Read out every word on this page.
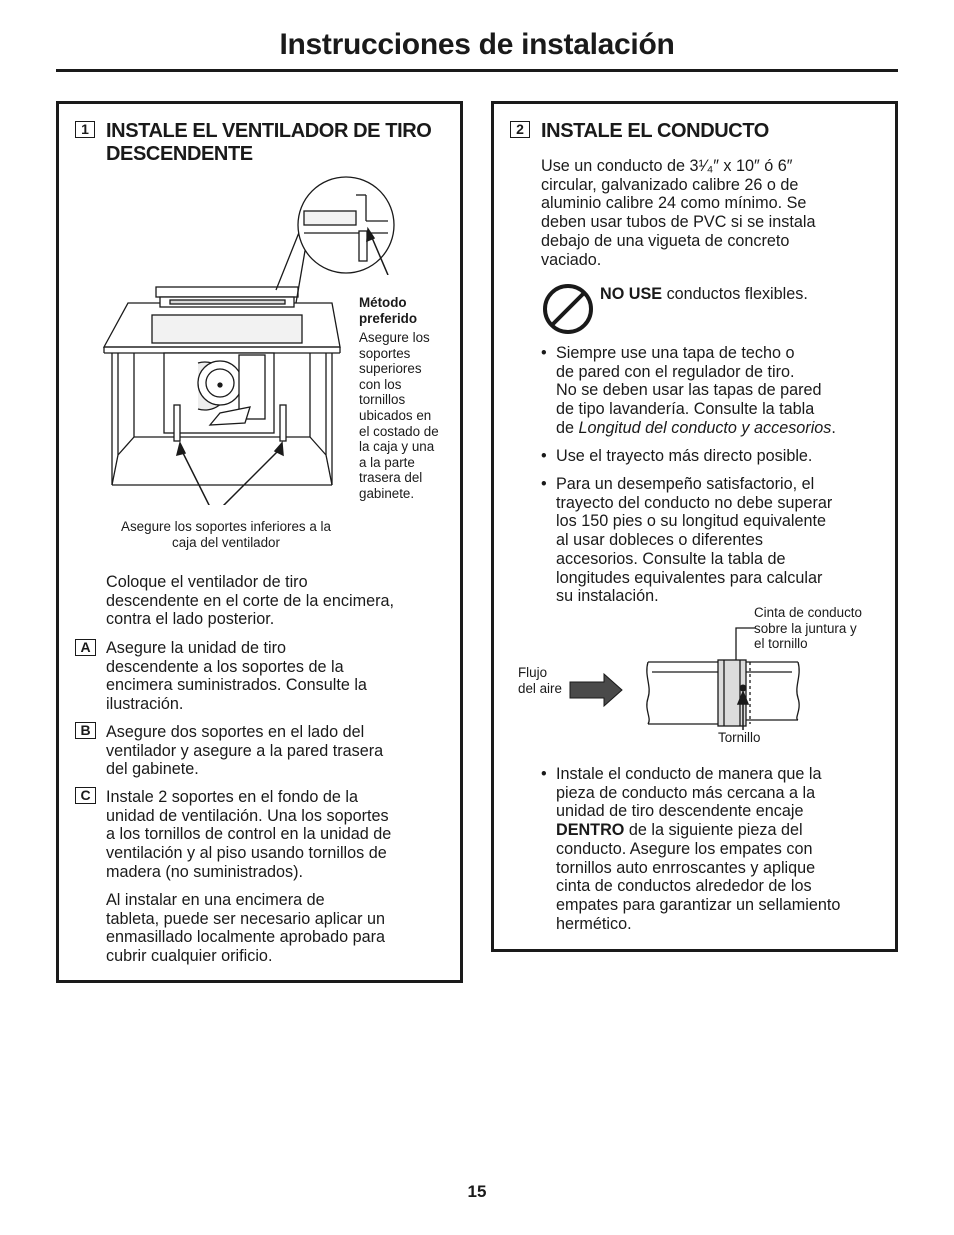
Instrucciones de instalación
1 INSTALE EL VENTILADOR DE TIRO
DESCENDENTE
Método
preferido
Asegure los
soportes
superiores
con los
tornillos
ubicados en
el costado de
la caja y una
a la parte
trasera del
gabinete.
Asegure los soportes inferiores a la
caja del ventilador
Coloque el ventilador de tiro
descendente en el corte de la encimera,
contra el lado posterior.
A Asegure la unidad de tiro
descendente a los soportes de la
encimera suministrados. Consulte la
ilustración.
B Asegure dos soportes en el lado del
ventilador y asegure a la pared trasera
del gabinete.
C Instale 2 soportes en el fondo de la
unidad de ventilación. Una los soportes
a los tornillos de control en la unidad de
ventilación y al piso usando tornillos de
madera (no suministrados).
Al instalar en una encimera de
tableta, puede ser necesario aplicar un
enmasillado localmente aprobado para
cubrir cualquier orificio.
2 INSTALE EL CONDUCTO
Use un conducto de 3¹⁄₄″ x 10″ ó 6″
circular, galvanizado calibre 26 o de
aluminio calibre 24 como mínimo. Se
deben usar tubos de PVC si se instala
debajo de una vigueta de concreto
vaciado.
NO USE conductos flexibles.
• Siempre use una tapa de techo o
de pared con el regulador de tiro.
No se deben usar las tapas de pared
de tipo lavandería. Consulte la tabla
de Longitud del conducto y accesorios.
• Use el trayecto más directo posible.
• Para un desempeño satisfactorio, el
trayecto del conducto no debe superar
los 150 pies o su longitud equivalente
al usar dobleces o diferentes
accesorios. Consulte la tabla de
longitudes equivalentes para calcular
su instalación.
Cinta de conducto
sobre la juntura y
el tornillo
Flujo
del aire
Tornillo
• Instale el conducto de manera que la
pieza de conducto más cercana a la
unidad de tiro descendente encaje
DENTRO de la siguiente pieza del
conducto. Asegure los empates con
tornillos auto enrroscantes y aplique
cinta de conductos alrededor de los
empates para garantizar un sellamiento
hermético.
15
